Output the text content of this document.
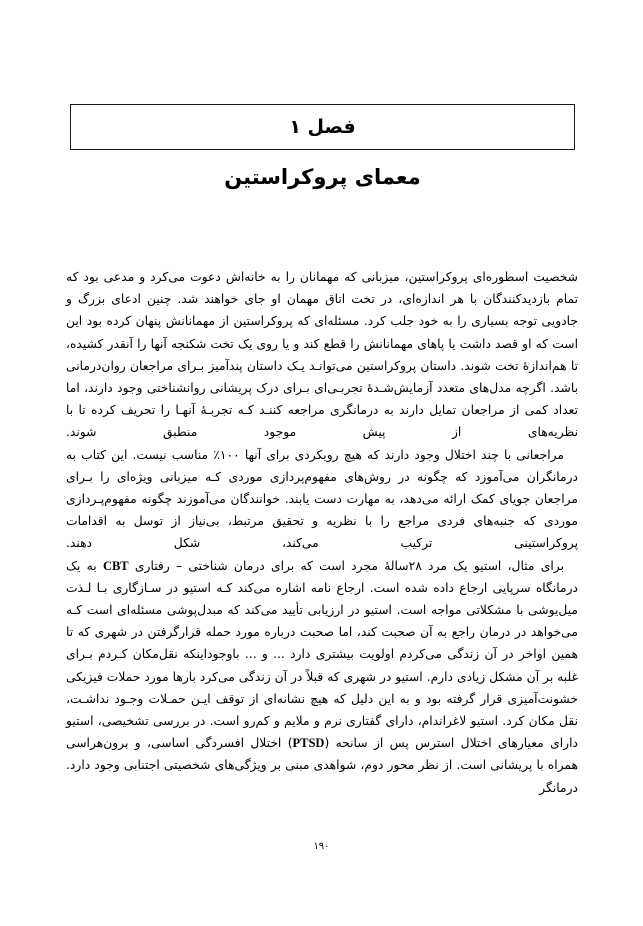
فصل ۱
معمای پروکراستین

شخصیت اسطوره‌ای پروکراستین، میزبانی که مهمانان را به خانه‌اش دعوت می‌کرد و مدعی بود که تمام بازدیدکنندگان با هر اندازه‌ای، در تخت اتاق مهمان او جای خواهند شد. چنین ادعای بزرگ و جادویی توجه بسیاری را به خود جلب کرد. مسئله‌ای که پروکراستین از مهمانانش پنهان کرده بود این است که او قصد داشت یا پاهای مهمانانش را قطع کند و یا روی یک تخت شکنجه آنها را آنقدر کشیده، تا هم‌اندازهٔ تخت شوند. داستان پروکراستین می‌توانـد یـک داستان پندآمیز بـرای مراجعان روان‌درمانی باشد. اگرچه مدل‌های متعدد آزمایش‌شـدهٔ تجربـی‌ای بـرای درک پریشانی روانشناختی وجود دارند، اما تعداد کمی از مراجعان تمایل دارند به درمانگری مراجعه کننـد کـه تجربـهٔ آنهـا را تحریف کرده تا با نظریه‌های از پیش موجود منطبق شوند.

مراجعانی با چند اختلال وجود دارند که هیچ رویکردی برای آنها ۱۰۰٪ مناسب نیست. این کتاب به درمانگران می‌آموزد که چگونه در روش‌های مفهوم‌پردازی موردی کـه میزبانی ویژه‌ای را بـرای مراجعان جویای کمک ارائه می‌دهد، به مهارت دست یابند. خوانندگان می‌آموزند چگونه مفهوم‌پـردازی موردی که جنبه‌های فردی مراجع را با نظریه و تحقیق مرتبط، بی‌نیاز از توسل به اقدامات پروکراستینی ترکیب می‌کند، شکل دهند.

برای مثال، استیو یک مرد ۲۸سالهٔ مجرد است که برای درمان شناختی – رفتاری CBT به یک درمانگاه سرپایی ارجاع داده شده است. ارجاع نامه اشاره می‌کند کـه استیو در سـازگاری بـا لـذت میل‌یوشی با مشکلاتی مواجه است. استیو در ارزیابی تأیید می‌کند که مبدل‌پوشی مسئله‌ای است کـه می‌خواهد در درمان راجع به آن صحبت کند، اما صحبت درباره مورد حمله قرارگرفتن در شهری که تا همین اواخر در آن زندگی می‌کردم اولویت بیشتری دارد ... و ... باوجوداینکه نقل‌مکان کـردم بـرای غلبه بر آن مشکل زیادی دارم. استیو در شهری که قبلاً در آن زندگی می‌کرد بارها مورد حملات فیزیکی خشونت‌آمیزی قرار گرفته بود و به این دلیل که هیچ نشانه‌ای از توقف ایـن حمـلات وجـود نداشـت، نقل مکان کرد. استیو لاغراندام، دارای گفتاری نرم و ملایم و کم‌رو است. در بررسی تشخیصی، استیو دارای معیارهای اختلال استرس پس از سانحه (PTSD) اختلال افسردگی اساسی، و برون‌هراسی همراه با پریشانی است. از نظر محور دوم، شواهدی مبنی بر ویژگی‌های شخصیتی اجتنابی وجود دارد. درمانگر

۱۹۰
